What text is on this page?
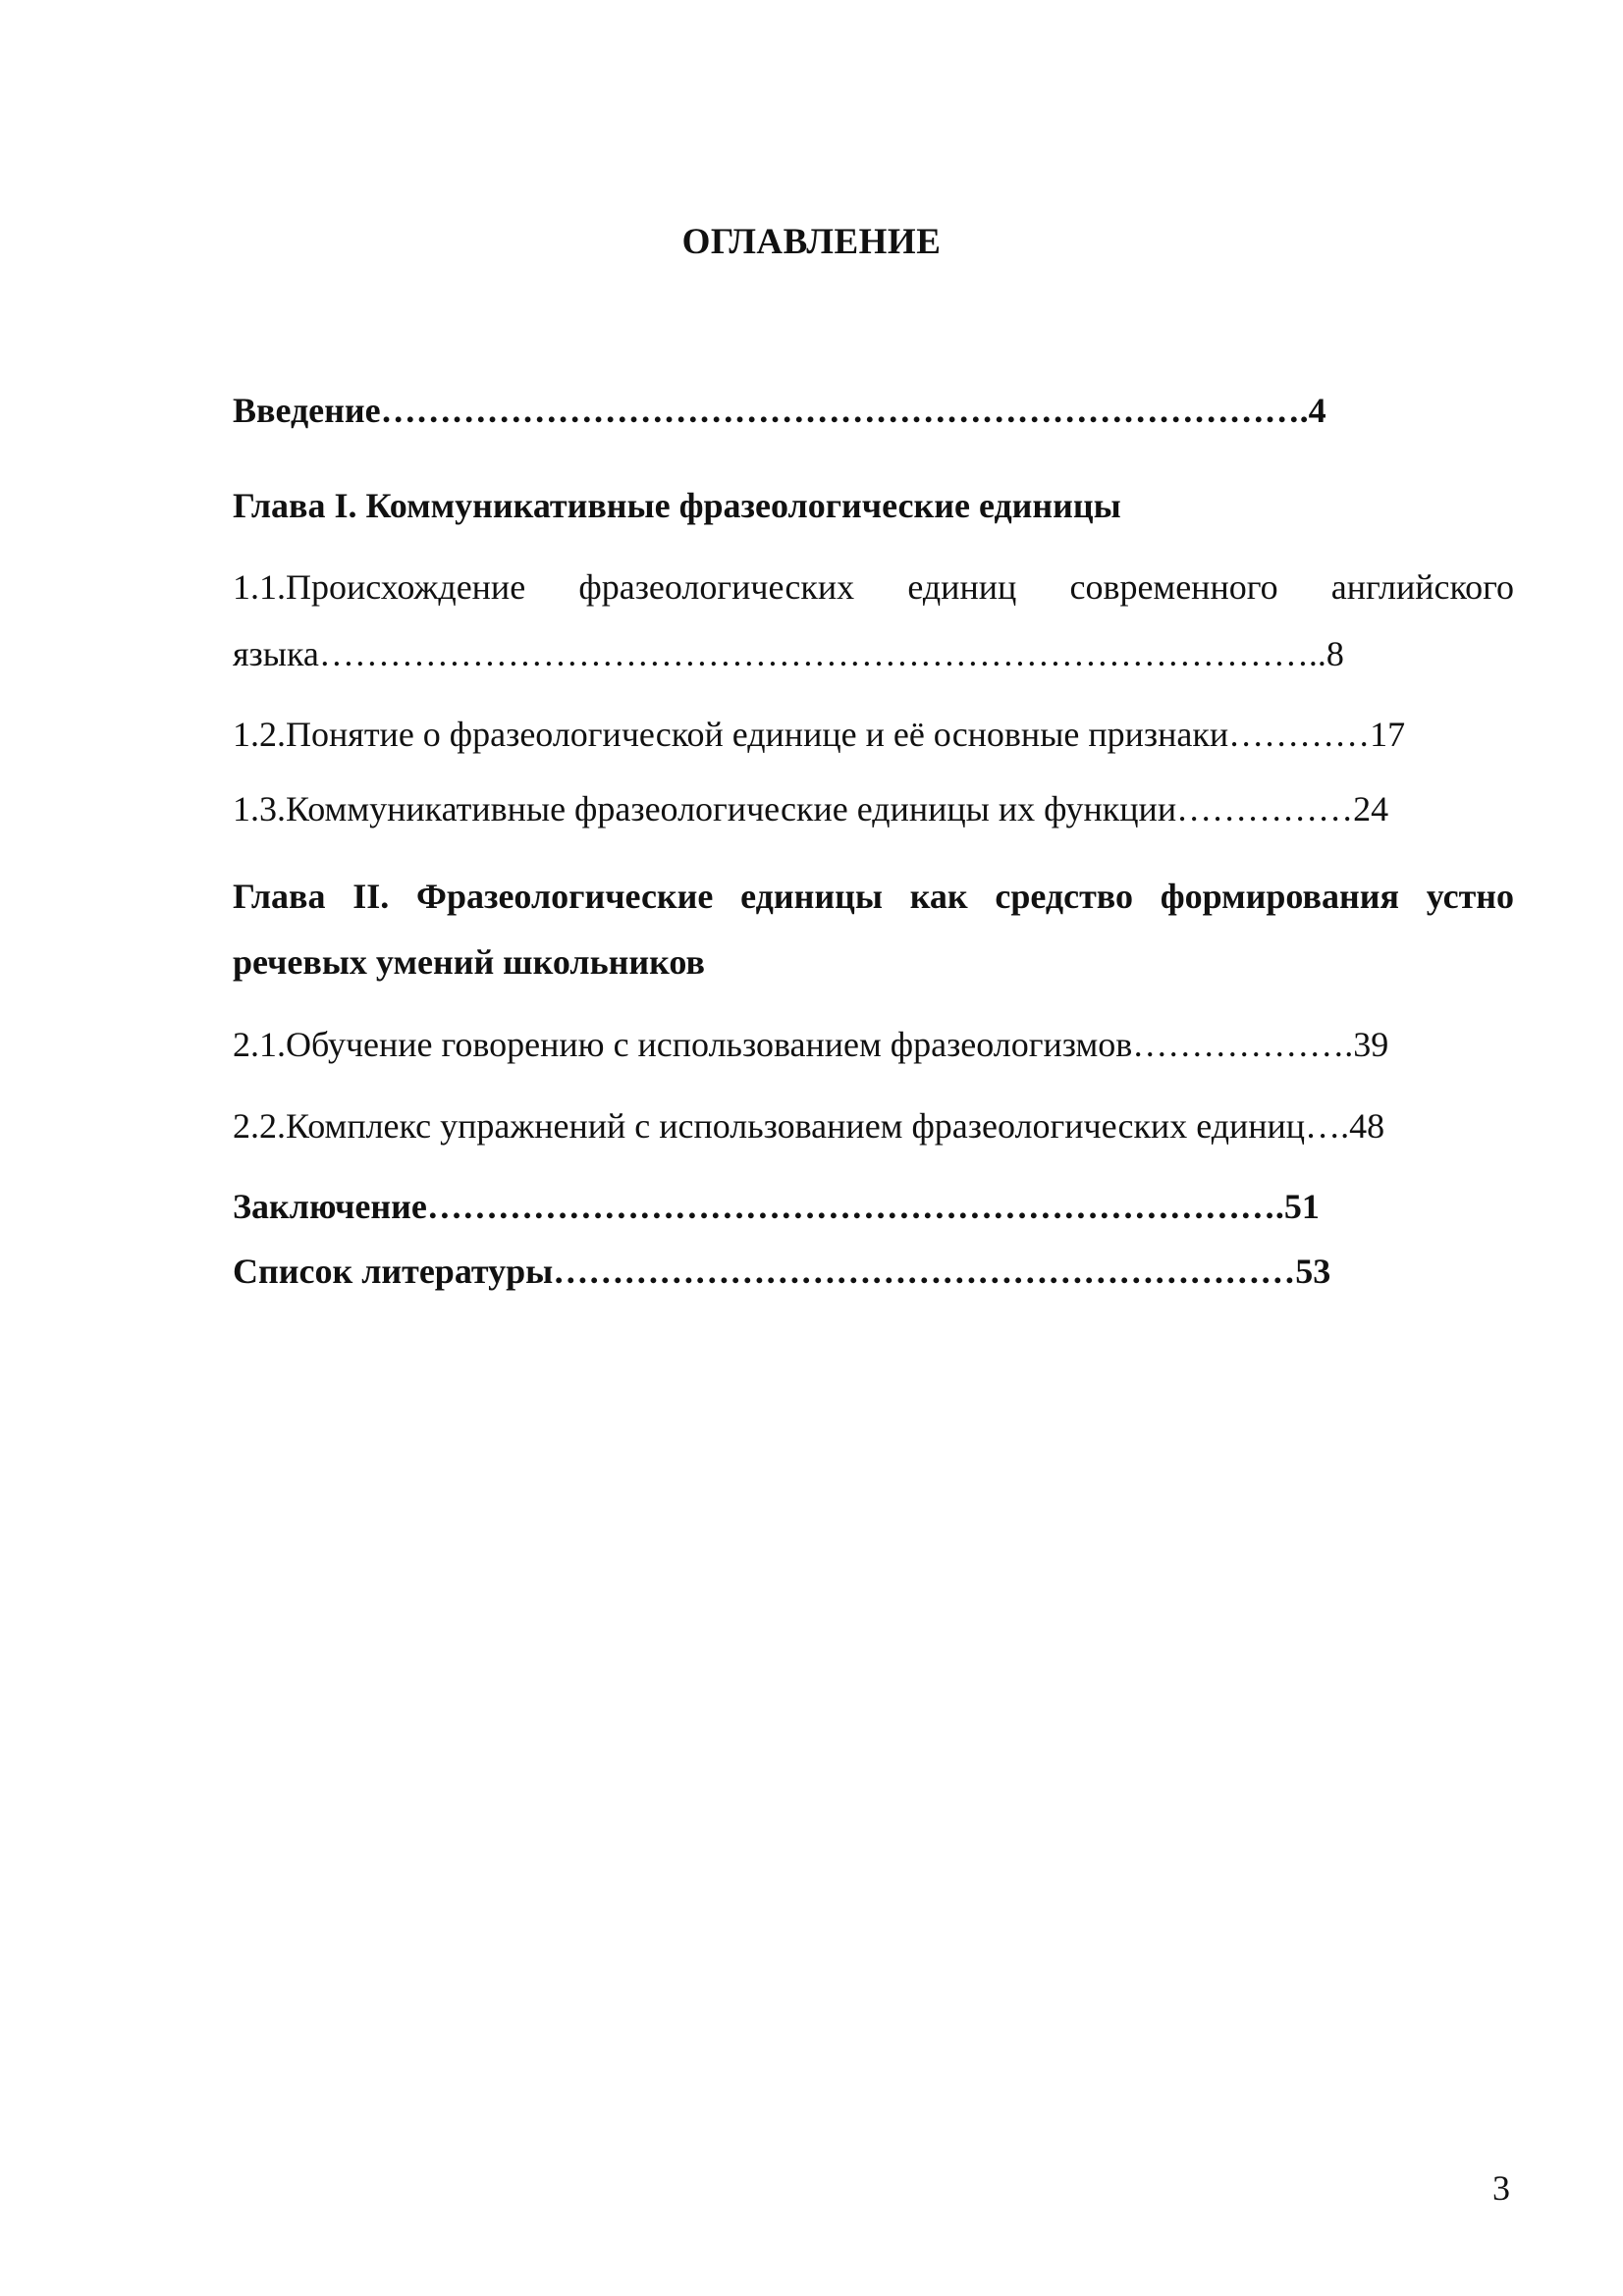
ОГЛАВЛЕНИЕ

Введение…………………………………………………………………….4

Глава I. Коммуникативные фразеологические единицы

1.1.Происхождение фразеологических единиц современного английского

языка…………………………………………………………………………..8

1.2.Понятие о фразеологической единице и её основные признаки…………17

1.3.Коммуникативные фразеологические единицы их функции……………24

Глава II. Фразеологические единицы как средство формирования устно

речевых умений школьников

2.1.Обучение говорению с использованием фразеологизмов……………….39

2.2.Комплекс упражнений с использованием фразеологических единиц….48

Заключение……………………………………………………………….51

Список литературы………………………………………………………53

3
